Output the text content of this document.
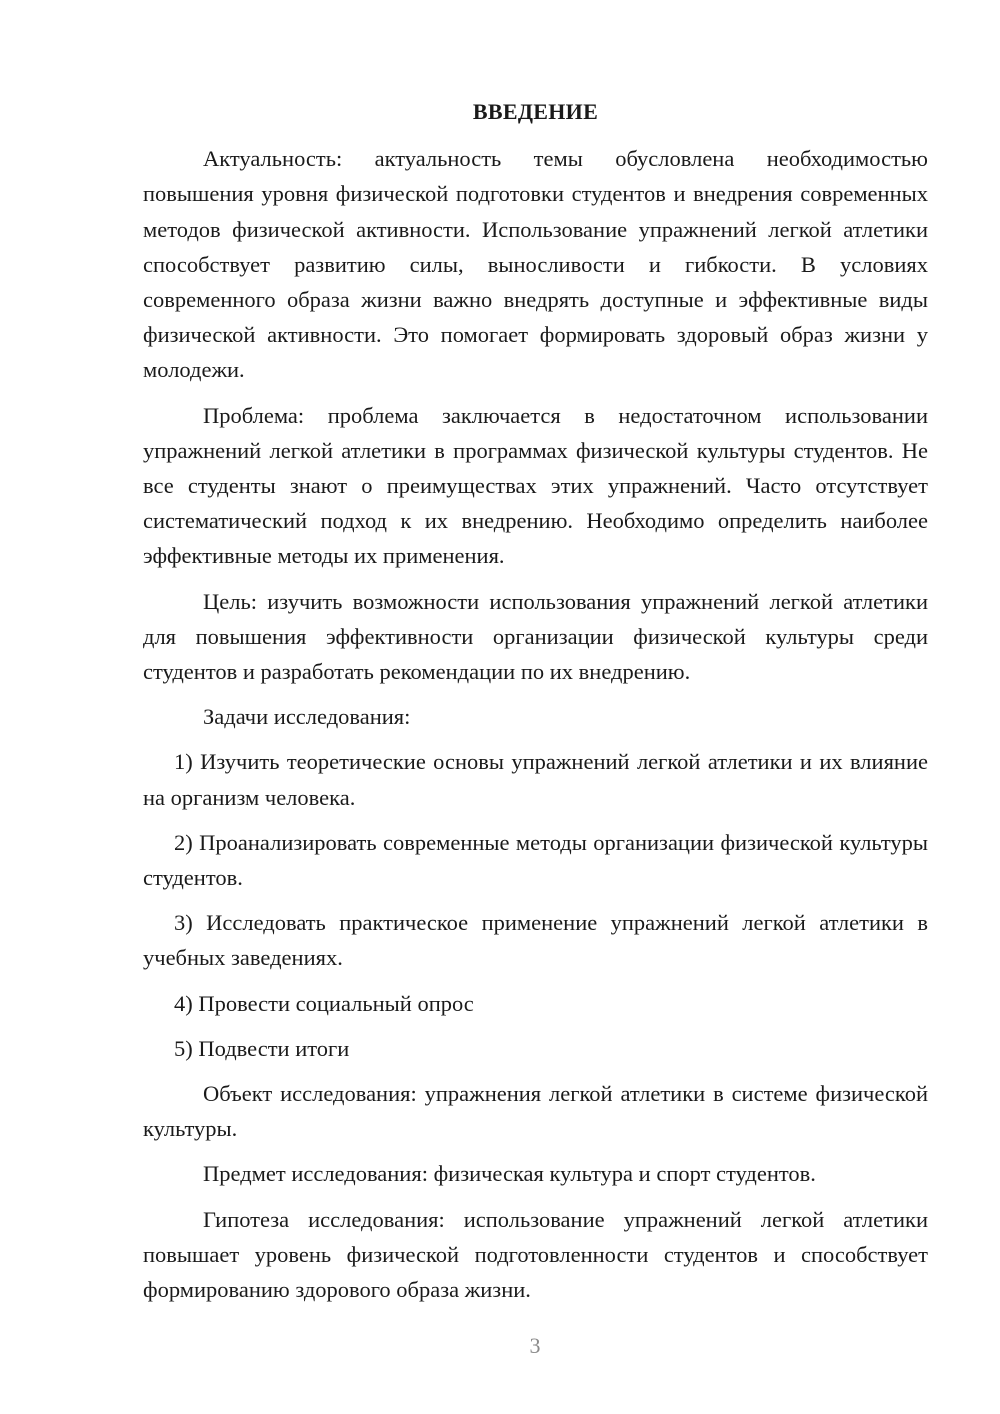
ВВЕДЕНИЕ

Актуальность: актуальность темы обусловлена необходимостью повышения уровня физической подготовки студентов и внедрения современных методов физической активности. Использование упражнений легкой атлетики способствует развитию силы, выносливости и гибкости. В условиях современного образа жизни важно внедрять доступные и эффективные виды физической активности. Это помогает формировать здоровый образ жизни у молодежи.

Проблема: проблема заключается в недостаточном использовании упражнений легкой атлетики в программах физической культуры студентов. Не все студенты знают о преимуществах этих упражнений. Часто отсутствует систематический подход к их внедрению. Необходимо определить наиболее эффективные методы их применения.

Цель: изучить возможности использования упражнений легкой атлетики для повышения эффективности организации физической культуры среди студентов и разработать рекомендации по их внедрению.

Задачи исследования:

1) Изучить теоретические основы упражнений легкой атлетики и их влияние на организм человека.

2) Проанализировать современные методы организации физической культуры студентов.

3) Исследовать практическое применение упражнений легкой атлетики в учебных заведениях.

4) Провести социальный опрос

5) Подвести итоги

Объект исследования: упражнения легкой атлетики в системе физической культуры.

Предмет исследования: физическая культура и спорт студентов.

Гипотеза исследования: использование упражнений легкой атлетики повышает уровень физической подготовленности студентов и способствует формированию здорового образа жизни.

3
